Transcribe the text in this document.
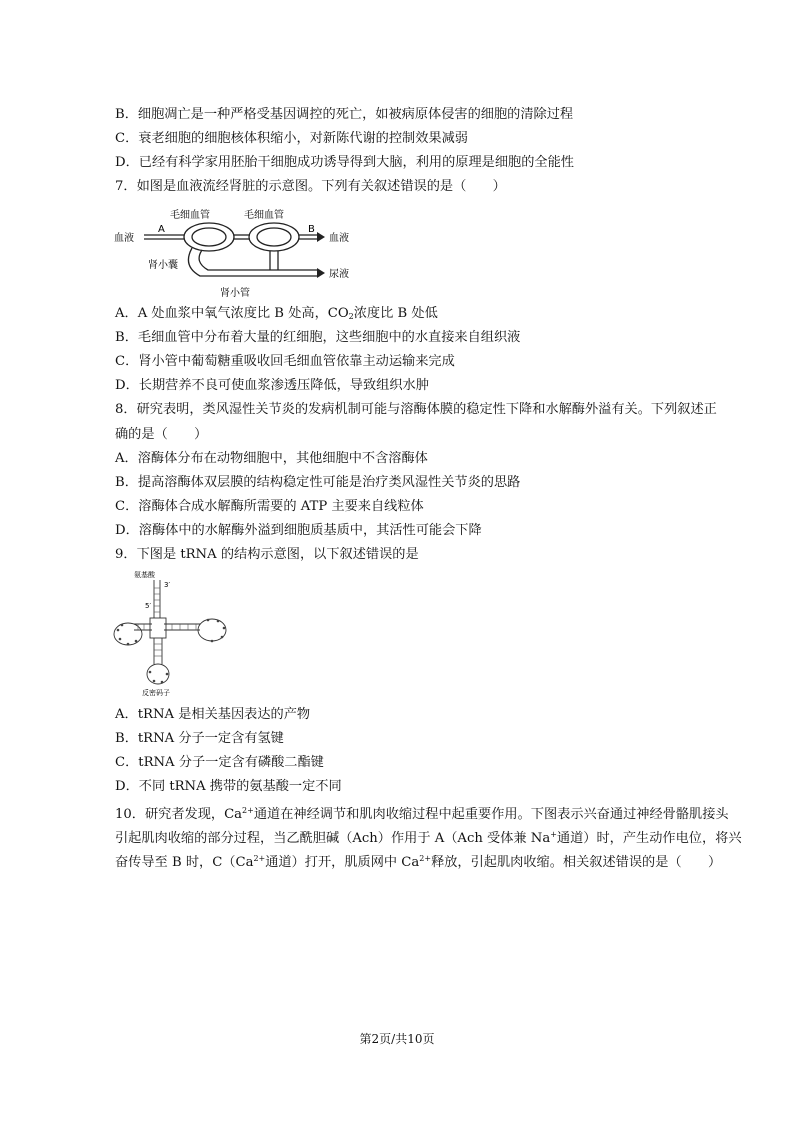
B．细胞凋亡是一种严格受基因调控的死亡，如被病原体侵害的细胞的清除过程
C．衰老细胞的细胞核体积缩小，对新陈代谢的控制效果减弱
D．已经有科学家用胚胎干细胞成功诱导得到大脑，利用的原理是细胞的全能性
7．如图是血液流经肾脏的示意图。下列有关叙述错误的是（　　）
毛细血管	毛细血管
血液
A	B
血液
肾小囊
尿液
肾小管
A．A 处血浆中氧气浓度比 B 处高，$CO_2$浓度比 B 处低
B．毛细血管中分布着大量的红细胞，这些细胞中的水直接来自组织液
C．肾小管中葡萄糖重吸收回毛细血管依靠主动运输来完成
D．长期营养不良可使血浆渗透压降低，导致组织水肿
8．研究表明，类风湿性关节炎的发病机制可能与溶酶体膜的稳定性下降和水解酶外溢有关。下列叙述正
确的是（　　）
A．溶酶体分布在动物细胞中，其他细胞中不含溶酶体
B．提高溶酶体双层膜的结构稳定性可能是治疗类风湿性关节炎的思路
C．溶酶体合成水解酶所需要的 ATP 主要来自线粒体
D．溶酶体中的水解酶外溢到细胞质基质中，其活性可能会下降
9．下图是 tRNA 的结构示意图，以下叙述错误的是
氨基酸
5′
3′
反密码子
A．tRNA 是相关基因表达的产物
B．tRNA 分子一定含有氢键
C．tRNA 分子一定含有磷酸二酯键
D．不同 tRNA 携带的氨基酸一定不同
10．研究者发现，$Ca^{2+}$通道在神经调节和肌肉收缩过程中起重要作用。下图表示兴奋通过神经骨骼肌接头
引起肌肉收缩的部分过程，当乙酰胆碱（Ach）作用于 A（Ach 受体兼 Na+通道）时，产生动作电位，将兴
奋传导至 B 时，$C(Ca^{2+}$通道）打开，肌质网中 $Ca^{2+}$释放，引起肌肉收缩。相关叙述错误的是（　　）
第2页/共10页
